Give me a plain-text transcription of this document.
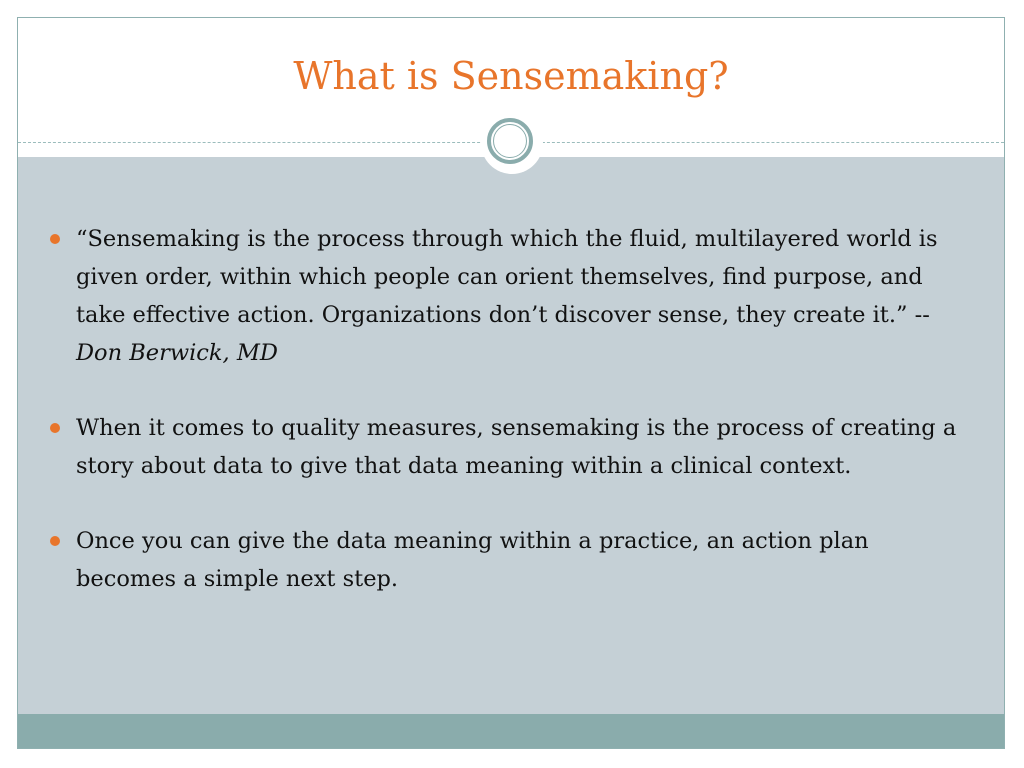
What is Sensemaking?
“Sensemaking is the process through which the fluid, multilayered world is given order, within which people can orient themselves, find purpose, and take effective action. Organizations don’t discover sense, they create it.” --Don Berwick, MD
When it comes to quality measures, sensemaking is the process of creating a story about data to give that data meaning within a clinical context.
Once you can give the data meaning within a practice, an action plan becomes a simple next step.
